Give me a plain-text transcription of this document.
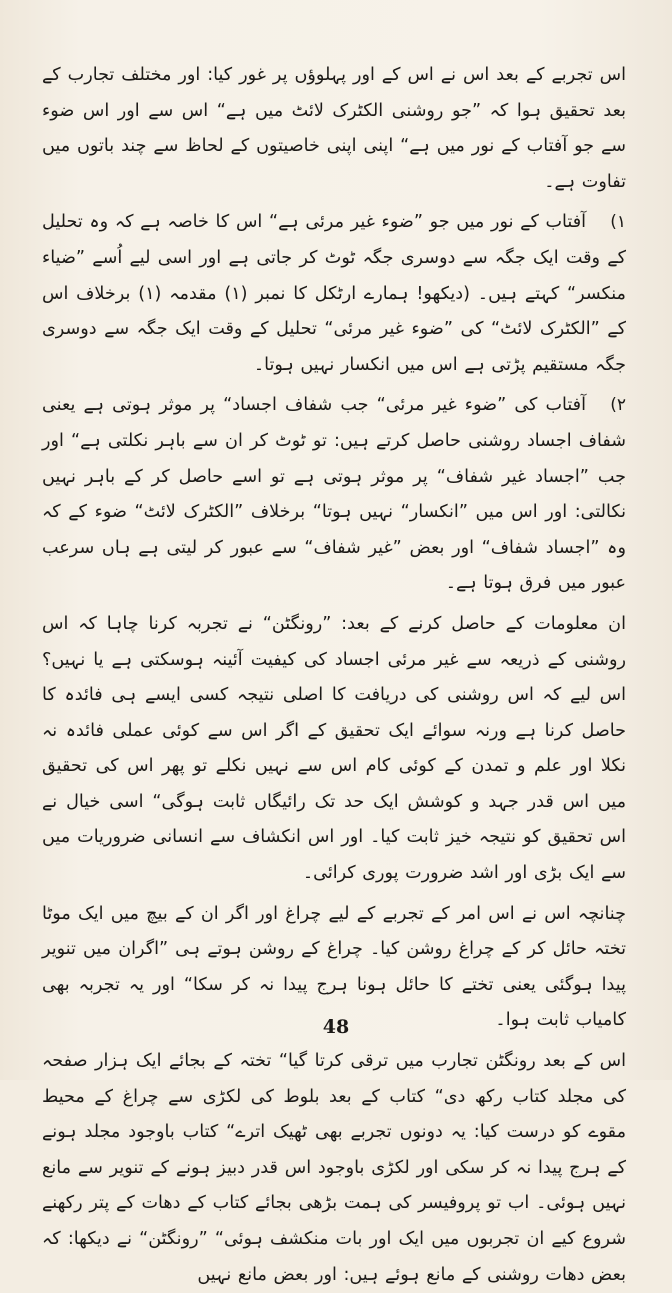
اس تجربے کے بعد اس نے اس کے اور پہلوؤں پر غور کیا: اور مختلف تجارب کے بعد تحقیق ہوا کہ ”جو روشنی الکٹرک لائٹ میں ہے“ اس سے اور اس ضوء سے جو آفتاب کے نور میں ہے“ اپنی اپنی خاصیتوں کے لحاظ سے چند باتوں میں تفاوت ہے۔

۱)آفتاب کے نور میں جو ”ضوء غیر مرئی ہے“ اس کا خاصہ ہے کہ وہ تحلیل کے وقت ایک جگہ سے دوسری جگہ ٹوٹ کر جاتی ہے اور اسی لیے اُسے ”ضیاء منکسر“ کہتے ہیں۔ (دیکھو! ہمارے ارٹکل کا نمبر (۱) مقدمہ (۱) برخلاف اس کے ”الکٹرک لائٹ“ کی ”ضوء غیر مرئی“ تحلیل کے وقت ایک جگہ سے دوسری جگہ مستقیم پڑتی ہے اس میں انکسار نہیں ہوتا۔

۲)آفتاب کی ”ضوء غیر مرئی“ جب شفاف اجساد“ پر موثر ہوتی ہے یعنی شفاف اجساد روشنی حاصل کرتے ہیں: تو ٹوٹ کر ان سے باہر نکلتی ہے“ اور جب ”اجساد غیر شفاف“ پر موثر ہوتی ہے تو اسے حاصل کر کے باہر نہیں نکالتی: اور اس میں ”انکسار“ نہیں ہوتا“ برخلاف ”الکٹرک لائٹ“ ضوء کے کہ وہ ”اجساد شفاف“ اور بعض ”غیر شفاف“ سے عبور کر لیتی ہے ہاں سرعب عبور میں فرق ہوتا ہے۔

ان معلومات کے حاصل کرنے کے بعد: ”رونگٹن“ نے تجربہ کرنا چاہا کہ اس روشنی کے ذریعہ سے غیر مرئی اجساد کی کیفیت آئینہ ہوسکتی ہے یا نہیں؟ اس لیے کہ اس روشنی کی دریافت کا اصلی نتیجہ کسی ایسے ہی فائدہ کا حاصل کرنا ہے ورنہ سوائے ایک تحقیق کے اگر اس سے کوئی عملی فائدہ نہ نکلا اور علم و تمدن کے کوئی کام اس سے نہیں نکلے تو پھر اس کی تحقیق میں اس قدر جہد و کوشش ایک حد تک رائیگاں ثابت ہوگی“ اسی خیال نے اس تحقیق کو نتیجہ خیز ثابت کیا۔ اور اس انکشاف سے انسانی ضروریات میں سے ایک بڑی اور اشد ضرورت پوری کرائی۔

چنانچہ اس نے اس امر کے تجربے کے لیے چراغ اور اگر ان کے بیچ میں ایک موٹا تختہ حائل کر کے چراغ روشن کیا۔ چراغ کے روشن ہوتے ہی ”اگران میں تنویر پیدا ہوگئی یعنی تختے کا حائل ہونا ہرج پیدا نہ کر سکا“ اور یہ تجربہ بھی کامیاب ثابت ہوا۔

اس کے بعد رونگٹن تجارب میں ترقی کرتا گیا“ تختہ کے بجائے ایک ہزار صفحہ کی مجلد کتاب رکھ دی“ کتاب کے بعد بلوط کی لکڑی سے چراغ کے محیط مقوے کو درست کیا: یہ دونوں تجربے بھی ٹھیک اترے“ کتاب باوجود مجلد ہونے کے ہرج پیدا نہ کر سکی اور لکڑی باوجود اس قدر دبیز ہونے کے تنویر سے مانع نہیں ہوئی۔ اب تو پروفیسر کی ہمت بڑھی بجائے کتاب کے دھات کے پتر رکھنے شروع کیے ان تجربوں میں ایک اور بات منکشف ہوئی“ ”رونگٹن“ نے دیکھا: کہ بعض دھات روشنی کے مانع ہوئے ہیں: اور بعض مانع نہیں

48
